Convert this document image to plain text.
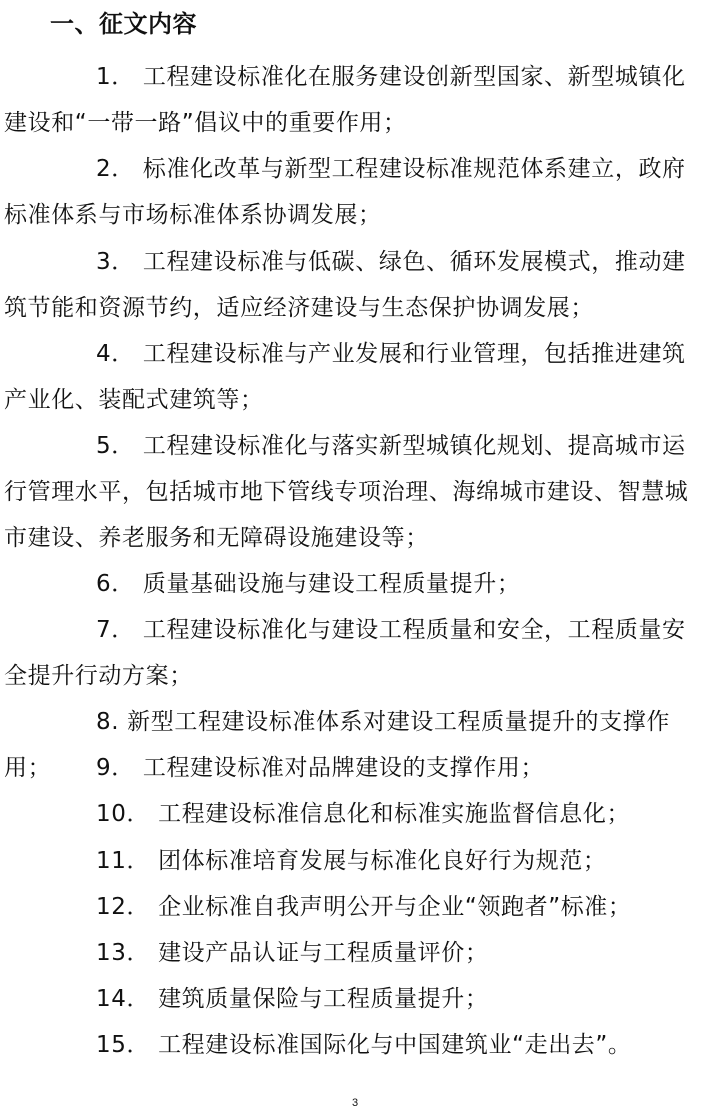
一、征文内容

1． 工程建设标准化在服务建设创新型国家、新型城镇化建设和“一带一路”倡议中的重要作用；

2． 标准化改革与新型工程建设标准规范体系建立，政府标准体系与市场标准体系协调发展；

3． 工程建设标准与低碳、绿色、循环发展模式，推动建筑节能和资源节约，适应经济建设与生态保护协调发展；

4． 工程建设标准与产业发展和行业管理，包括推进建筑产业化、装配式建筑等；

5． 工程建设标准化与落实新型城镇化规划、提高城市运行管理水平，包括城市地下管线专项治理、海绵城市建设、智慧城市建设、养老服务和无障碍设施建设等；

6． 质量基础设施与建设工程质量提升；

7． 工程建设标准化与建设工程质量和安全，工程质量安全提升行动方案；

8. 新型工程建设标准体系对建设工程质量提升的支撑作用；	9． 工程建设标准对品牌建设的支撑作用；

10． 工程建设标准信息化和标准实施监督信息化；

11． 团体标准培育发展与标准化良好行为规范；

12． 企业标准自我声明公开与企业“领跑者”标准；

13． 建设产品认证与工程质量评价；

14． 建筑质量保险与工程质量提升；

15． 工程建设标准国际化与中国建筑业“走出去”。

3
